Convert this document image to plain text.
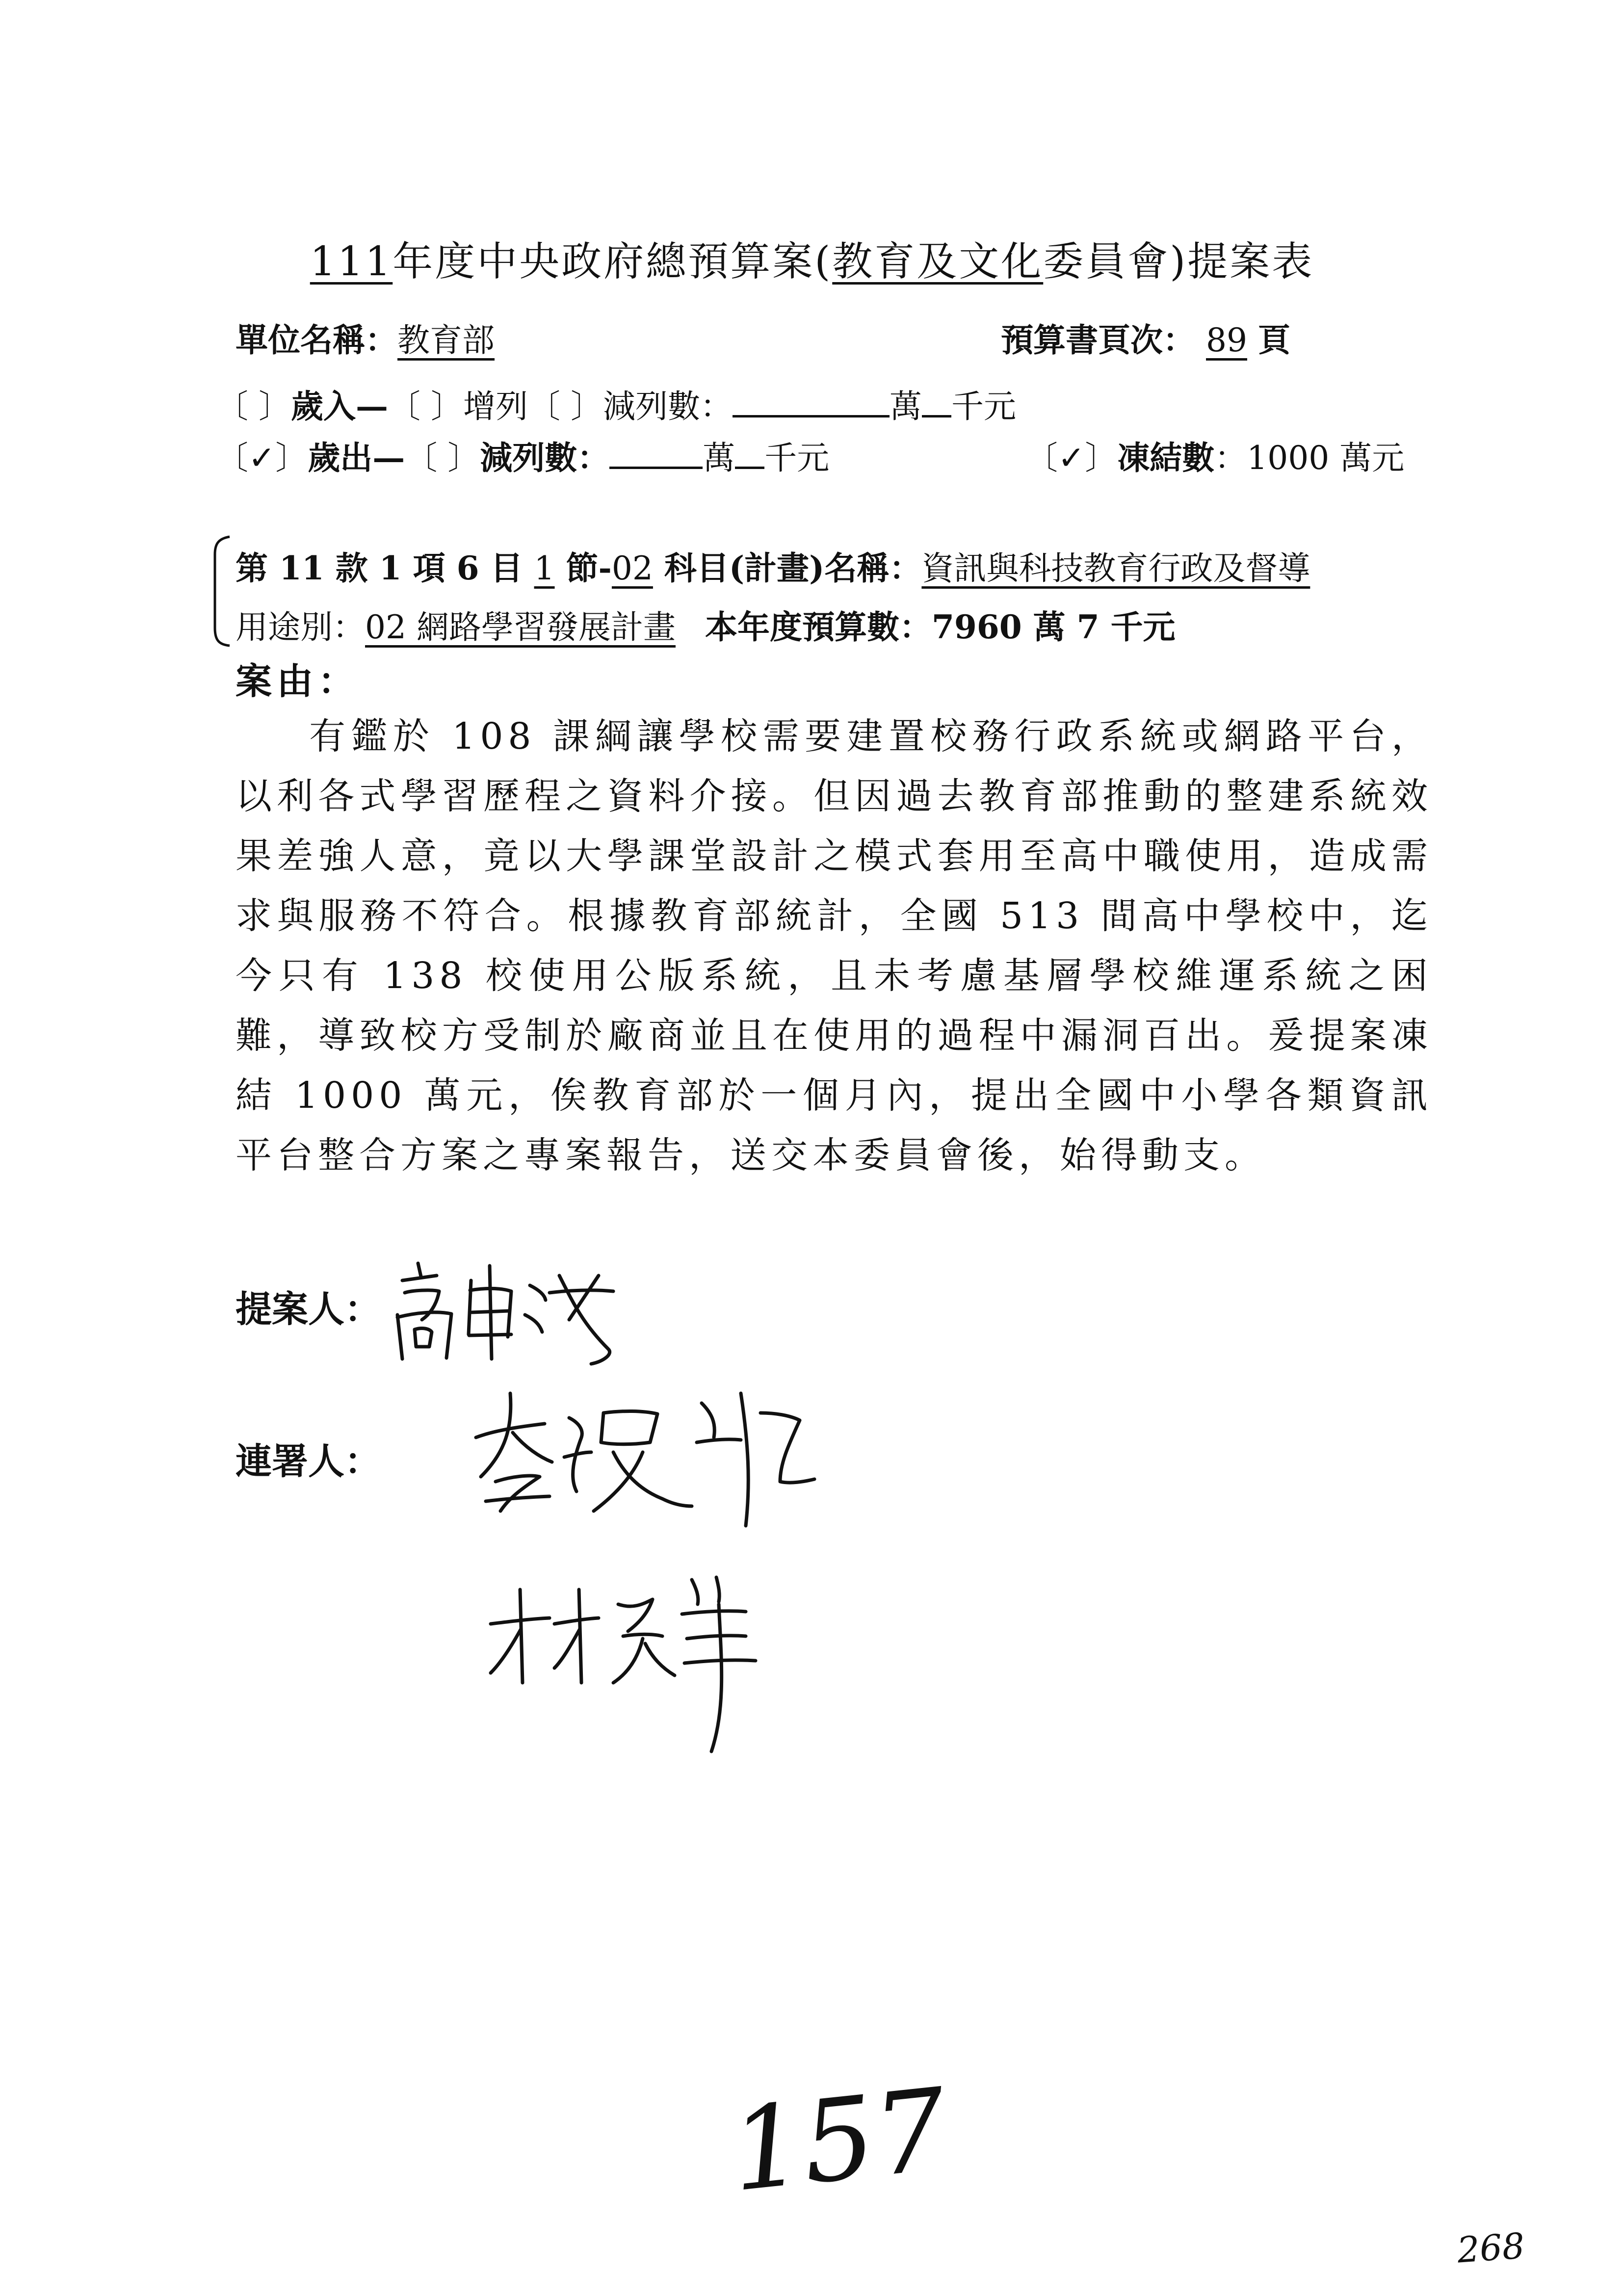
111年度中央政府總預算案(教育及文化委員會)提案表
單位名稱：教育部	預算書頁次： 89 頁
〔 〕歲入—〔 〕增列〔 〕減列數：	萬 千元
〔✓〕歲出—〔 〕減列數：	萬 千元	〔✓〕凍結數：1000 萬元
第 11 款 1 項 6 目 1 節-02 科目(計畫)名稱：資訊與科技教育行政及督導
用途別：02 網路學習發展計畫 本年度預算數：7960 萬 7 千元
案由：
有鑑於 108 課綱讓學校需要建置校務行政系統或網路平台，以利各式學習歷程之資料介接。但因過去教育部推動的整建系統效果差強人意，竟以大學課堂設計之模式套用至高中職使用，造成需求與服務不符合。根據教育部統計，全國 513 間高中學校中，迄今只有 138 校使用公版系統，且未考慮基層學校維運系統之困難，導致校方受制於廠商並且在使用的過程中漏洞百出。爰提案凍結 1000 萬元，俟教育部於一個月內，提出全國中小學各類資訊平台整合方案之專案報告，送交本委員會後，始得動支。
提案人：
連署人：
157
268
